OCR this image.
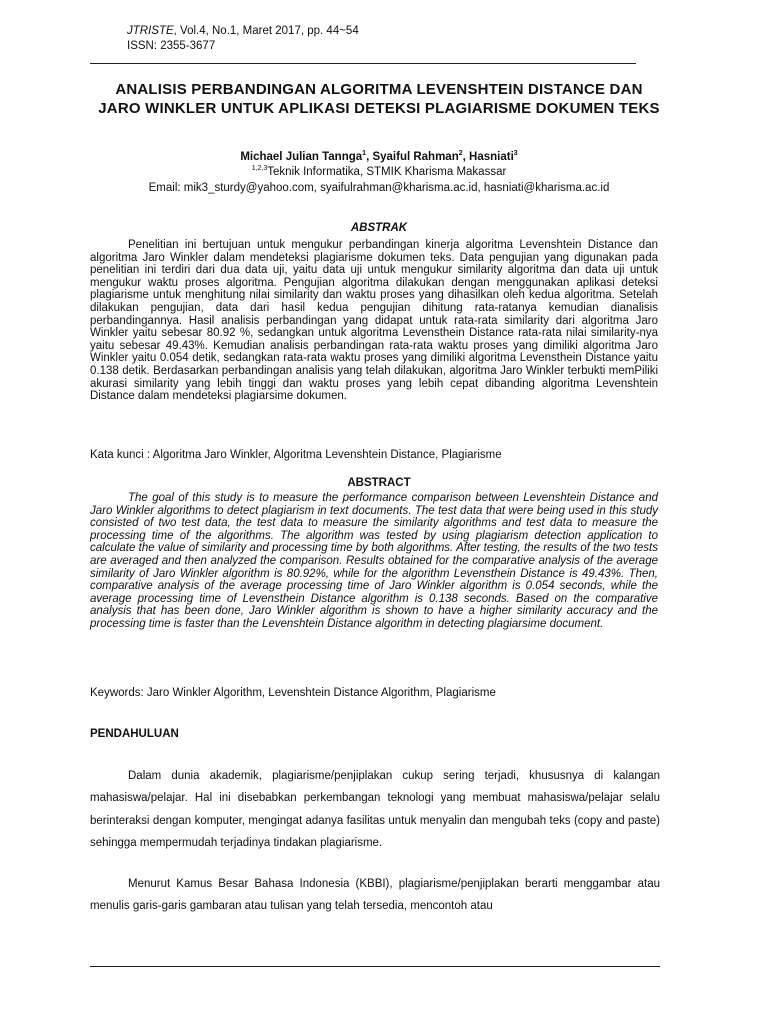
JTRISTE, Vol.4, No.1, Maret 2017, pp. 44~54
ISSN: 2355-3677
ANALISIS PERBANDINGAN ALGORITMA LEVENSHTEIN DISTANCE DAN JARO WINKLER UNTUK APLIKASI DETEKSI PLAGIARISME DOKUMEN TEKS
Michael Julian Tannga$^1$, Syaiful Rahman$^2$, Hasniati$^3$
$^{1,2,3}$Teknik Informatika, STMIK Kharisma Makassar
Email: mik3_sturdy@yahoo.com, syaifulrahman@kharisma.ac.id, hasniati@kharisma.ac.id
ABSTRAK

Penelitian ini bertujuan untuk mengukur perbandingan kinerja algoritma Levenshtein Distance dan algoritma Jaro Winkler dalam mendeteksi plagiarisme dokumen teks. Data pengujian yang digunakan pada penelitian ini terdiri dari dua data uji, yaitu data uji untuk mengukur similarity algoritma dan data uji untuk mengukur waktu proses algoritma. Pengujian algoritma dilakukan dengan menggunakan aplikasi deteksi plagiarisme untuk menghitung nilai similarity dan waktu proses yang dihasilkan oleh kedua algoritma. Setelah dilakukan pengujian, data dari hasil kedua pengujian dihitung rata-ratanya kemudian dianalisis perbandingannya. Hasil analisis perbandingan yang didapat untuk rata-rata similarity dari algoritma Jaro Winkler yaitu sebesar 80.92 %, sedangkan untuk algoritma Levensthein Distance rata-rata nilai similarity-nya yaitu sebesar 49.43%. Kemudian analisis perbandingan rata-rata waktu proses yang dimiliki algoritma Jaro Winkler yaitu 0.054 detik, sedangkan rata-rata waktu proses yang dimiliki algoritma Levensthein Distance yaitu 0.138 detik. Berdasarkan perbandingan analisis yang telah dilakukan, algoritma Jaro Winkler terbukti memPiliki akurasi similarity yang lebih tinggi dan waktu proses yang lebih cepat dibanding algoritma Levenshtein Distance dalam mendeteksi plagiarsime dokumen.

Kata kunci : Algoritma Jaro Winkler, Algoritma Levenshtein Distance, Plagiarisme

ABSTRACT

The goal of this study is to measure the performance comparison between Levenshtein Distance and Jaro Winkler algorithms to detect plagiarism in text documents. The test data that were being used in this study consisted of two test data, the test data to measure the similarity algorithms and test data to measure the processing time of the algorithms. The algorithm was tested by using plagiarism detection application to calculate the value of similarity and processing time by both algorithms. After testing, the results of the two tests are averaged and then analyzed the comparison. Results obtained for the comparative analysis of the average similarity of Jaro Winkler algorithm is 80.92%, while for the algorithm Levensthein Distance is 49.43%. Then, comparative analysis of the average processing time of Jaro Winkler algorithm is 0.054 seconds, while the average processing time of Levensthein Distance algorithm is 0.138 seconds. Based on the comparative analysis that has been done, Jaro Winkler algorithm is shown to have a higher similarity accuracy and the processing time is faster than the Levenshtein Distance algorithm in detecting plagiarsime document.

Keywords: Jaro Winkler Algorithm, Levenshtein Distance Algorithm, Plagiarisme

PENDAHULUAN

Dalam dunia akademik, plagiarisme/penjiplakan cukup sering terjadi, khususnya di kalangan mahasiswa/pelajar. Hal ini disebabkan perkembangan teknologi yang membuat mahasiswa/pelajar selalu berinteraksi dengan komputer, mengingat adanya fasilitas untuk menyalin dan mengubah teks (copy and paste) sehingga mempermudah terjadinya tindakan plagiarisme.

Menurut Kamus Besar Bahasa Indonesia (KBBI), plagiarisme/penjiplakan berarti menggambar atau menulis garis-garis gambaran atau tulisan yang telah tersedia, mencontoh atau
